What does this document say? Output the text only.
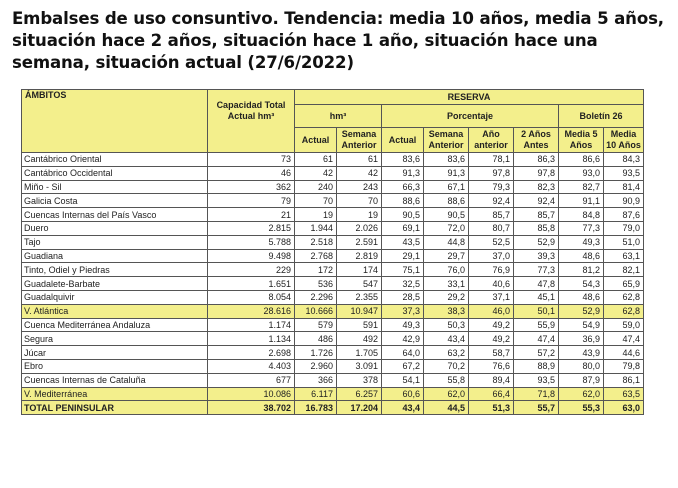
Embalses de uso consuntivo. Tendencia: media 10 años, media 5 años, situación hace 2 años, situación hace 1 año, situación hace una semana, situación actual (27/6/2022)
ÁMBITOS	Capacidad Total Actual hm³	RESERVA							
		hm³		Porcentaje				Boletín 26	
		Actual	Semana Anterior	Actual	Semana Anterior	Año anterior	2 Años Antes	Media 5 Años	Media 10 Años
Cantábrico Oriental	73	61	61	83,6	83,6	78,1	86,3	86,6	84,3
Cantábrico Occidental	46	42	42	91,3	91,3	97,8	97,8	93,0	93,5
Miño - Sil	362	240	243	66,3	67,1	79,3	82,3	82,7	81,4
Galicia Costa	79	70	70	88,6	88,6	92,4	92,4	91,1	90,9
Cuencas Internas del País Vasco	21	19	19	90,5	90,5	85,7	85,7	84,8	87,6
Duero	2.815	1.944	2.026	69,1	72,0	80,7	85,8	77,3	79,0
Tajo	5.788	2.518	2.591	43,5	44,8	52,5	52,9	49,3	51,0
Guadiana	9.498	2.768	2.819	29,1	29,7	37,0	39,3	48,6	63,1
Tinto, Odiel y Piedras	229	172	174	75,1	76,0	76,9	77,3	81,2	82,1
Guadalete-Barbate	1.651	536	547	32,5	33,1	40,6	47,8	54,3	65,9
Guadalquivir	8.054	2.296	2.355	28,5	29,2	37,1	45,1	48,6	62,8
V. Atlántica	28.616	10.666	10.947	37,3	38,3	46,0	50,1	52,9	62,8
Cuenca Mediterránea Andaluza	1.174	579	591	49,3	50,3	49,2	55,9	54,9	59,0
Segura	1.134	486	492	42,9	43,4	49,2	47,4	36,9	47,4
Júcar	2.698	1.726	1.705	64,0	63,2	58,7	57,2	43,9	44,6
Ebro	4.403	2.960	3.091	67,2	70,2	76,6	88,9	80,0	79,8
Cuencas Internas de Cataluña	677	366	378	54,1	55,8	89,4	93,5	87,9	86,1
V. Mediterránea	10.086	6.117	6.257	60,6	62,0	66,4	71,8	62,0	63,5
TOTAL PENINSULAR	38.702	16.783	17.204	43,4	44,5	51,3	55,7	55,3	63,0
